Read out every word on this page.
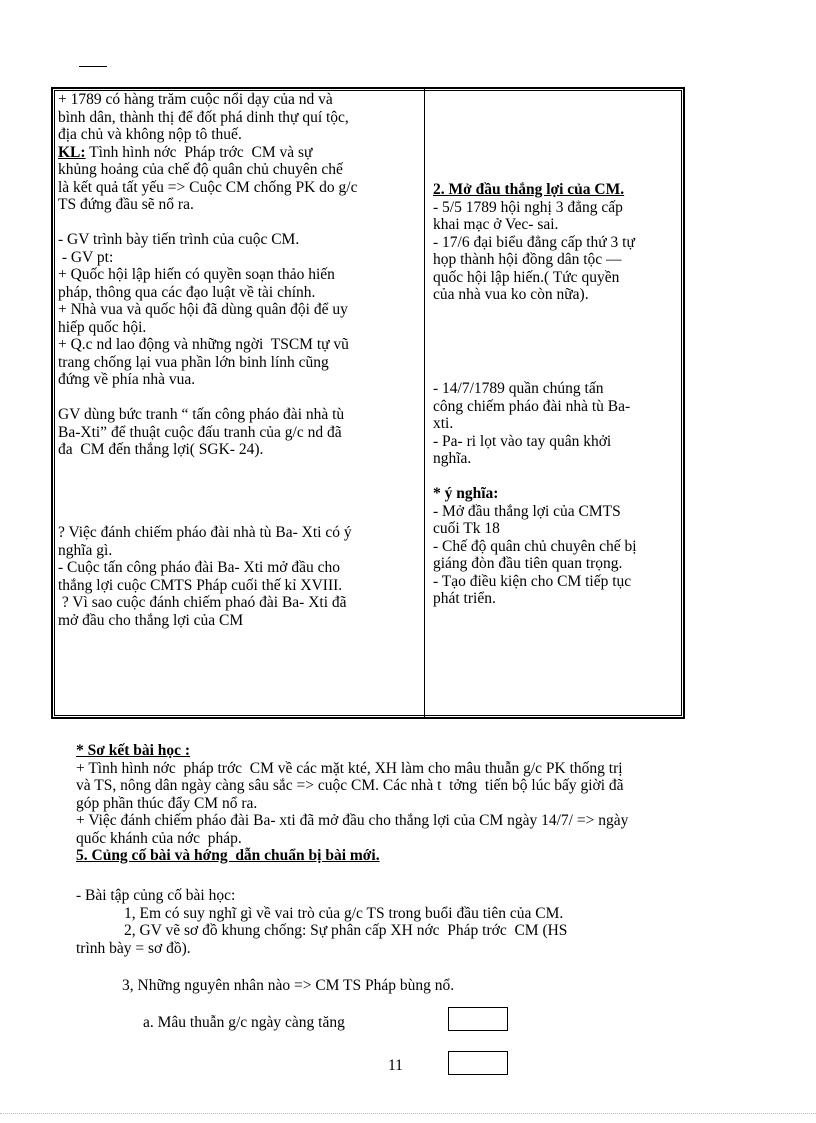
+ 1789 có hàng trăm cuộc nổi dạy của nd và

bình dân, thành thị để đốt phá dinh thự quí tộc,

địa chủ và không nộp tô thuế.

KL: Tình hình nớc  Pháp trớc  CM và sự

khủng hoảng của chế độ quân chủ chuyên chế

là kết quả tất yếu => Cuộc CM chống PK do g/c

TS đứng đầu sẽ nổ ra.

- GV trình bày tiến trình của cuộc CM.

- GV pt:

+ Quốc hội lập hiến có quyền soạn thảo hiến

pháp, thông qua các đạo luật về tài chính.

+ Nhà vua và quốc hội đã dùng quân đội để uy

hiếp quốc hội.

+ Q.c nd lao động và những ngời  TSCM tự vũ

trang chống lại vua phần lớn binh lính cũng

đứng về phía nhà vua.

GV dùng bức tranh “ tấn công pháo đài nhà tù

Ba-Xti” để thuật cuộc đấu tranh của g/c nd đã

đa  CM đến thắng lợi( SGK- 24).

? Việc đánh chiếm pháo đài nhà tù Ba- Xti có ý

nghĩa gì.

- Cuộc tấn công pháo đài Ba- Xti mở đầu cho

thắng lợi cuộc CMTS Pháp cuối thế kỉ XVIII.

? Vì sao cuộc đánh chiếm phaó đài Ba- Xti đã

mở đầu cho thắng lợi của CM

2. Mở đầu thắng lợi của CM.

- 5/5 1789 hội nghị 3 đẳng cấp

khai mạc ở Vec- sai.

- 17/6 đại biểu đẳng cấp thứ 3 tự

họp thành hội đồng dân tộc —

quốc hội lập hiến.( Tức quyền

của nhà vua ko còn nữa).

- 14/7/1789 quần chúng tấn

công chiếm pháo đài nhà tù Ba-

xti.

- Pa- ri lọt vào tay quân khởi

nghĩa.

* ý nghĩa:

- Mở đầu thắng lợi của CMTS

cuối Tk 18

- Chế độ quân chủ chuyên chế bị

giáng đòn đầu tiên quan trọng.

- Tạo điều kiện cho CM tiếp tục

phát triển.

* Sơ kết bài học :

+ Tình hình nớc  pháp trớc  CM về các mặt kté, XH làm cho mâu thuẫn g/c PK thống trị

và TS, nông dân ngày càng sâu sắc => cuộc CM. Các nhà t  tởng  tiến bộ lúc bấy giời đã

góp phần thúc đẩy CM nổ ra.

+ Việc đánh chiếm pháo đài Ba- xti đã mở đầu cho thắng lợi của CM ngày 14/7/ => ngày

quốc khánh của nớc  pháp.

5. Củng cố bài và hớng  dẫn chuẩn bị bài mới.

- Bài tập củng cố bài học:

1, Em có suy nghĩ gì về vai trò của g/c TS trong buổi đầu tiên của CM.

2, GV vẽ sơ đồ khung chống: Sự phân cấp XH nớc  Pháp trớc  CM (HS

trình bày = sơ đồ).

3, Những nguyên nhân nào => CM TS Pháp bùng nổ.

a. Mâu thuẫn g/c ngày càng tăng

11
